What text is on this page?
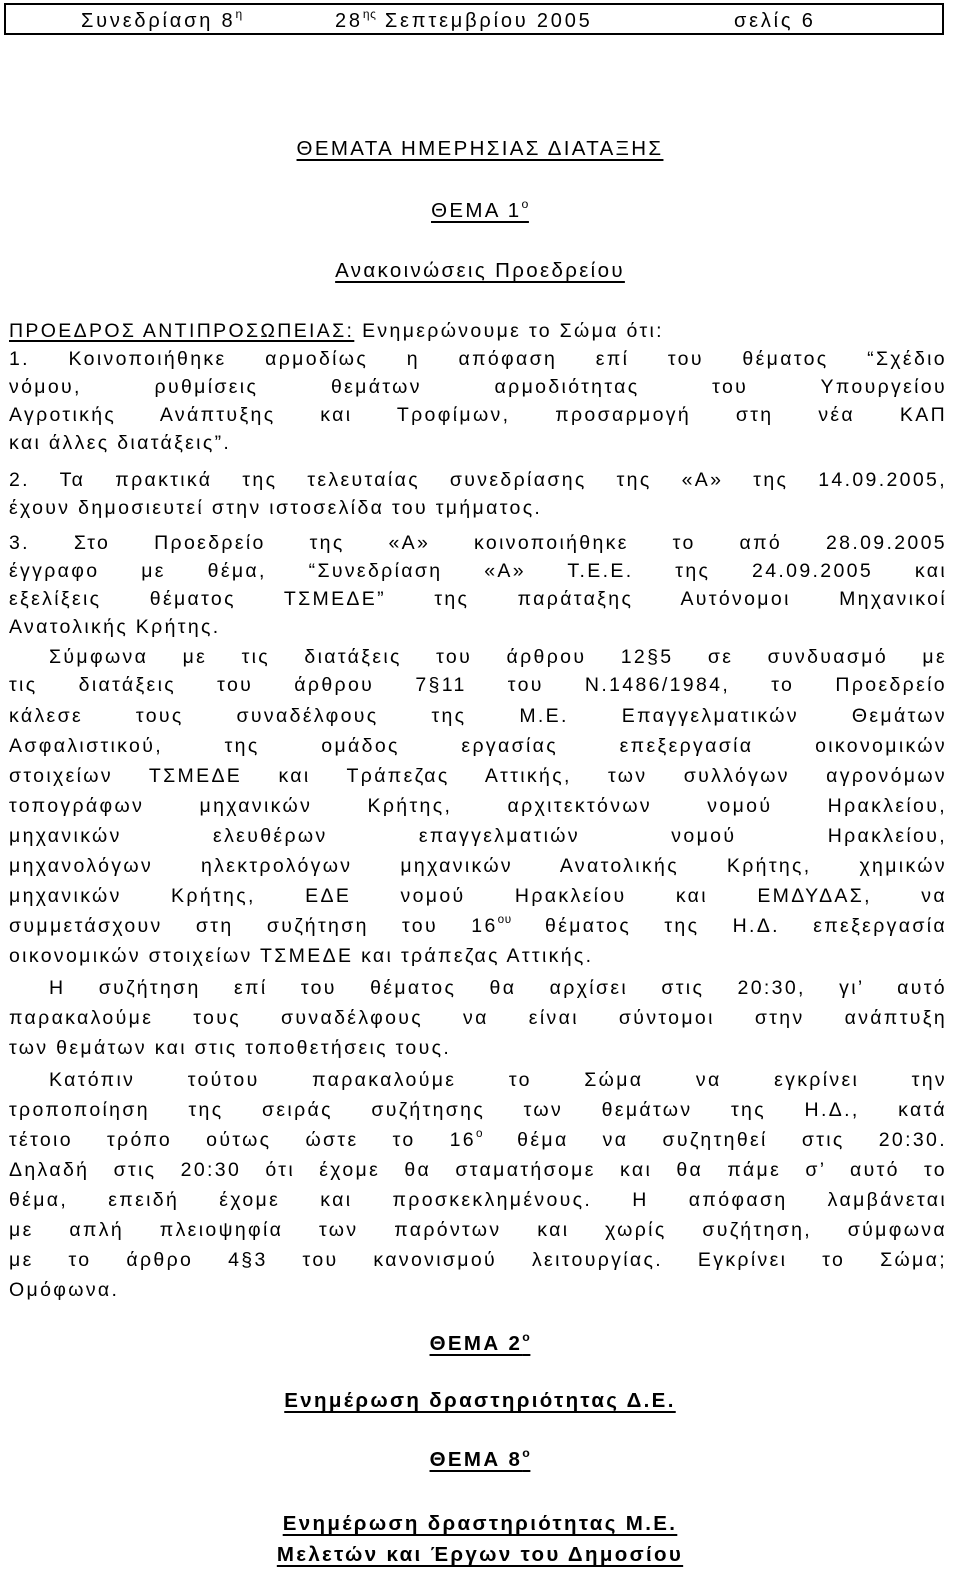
Συνεδρίαση $8^\eta$	$28^{\eta\varsigma}$ Σεπτεμβρίου 2005	σελίς 6
ΘΕΜΑΤΑ ΗΜΕΡΗΣΙΑΣ ΔΙΑΤΑΞΗΣ
ΘΕΜΑ $1^o$
Ανακοινώσεις Προεδρείου
ΠΡΟΕΔΡΟΣ ΑΝΤΙΠΡΟΣΩΠΕΙΑΣ: Ενημερώνουμε το Σώμα ότι:
1. Κοινοποιήθηκε αρμοδίως η απόφαση επί του θέματος “Σχέδιο
νόμου, ρυθμίσεις θεμάτων αρμοδιότητας του Υπουργείου
Αγροτικής Ανάπτυξης και Τροφίμων, προσαρμογή στη νέα ΚΑΠ
και άλλες διατάξεις”.
2. Τα πρακτικά της τελευταίας συνεδρίασης της «Α» της 14.09.2005,
έχουν δημοσιευτεί στην ιστοσελίδα του τμήματος.
3. Στο Προεδρείο της «Α» κοινοποιήθηκε το από 28.09.2005
έγγραφο με θέμα, “Συνεδρίαση «Α» Τ.Ε.Ε. της 24.09.2005 και
εξελίξεις θέματος ΤΣΜΕΔΕ” της παράταξης Αυτόνομοι Μηχανικοί
Ανατολικής Κρήτης.
Σύμφωνα με τις διατάξεις του άρθρου 12§5 σε συνδυασμό με
τις διατάξεις του άρθρου 7§11 του Ν.1486/1984, το Προεδρείο
κάλεσε τους συναδέλφους της Μ.Ε. Επαγγελματικών Θεμάτων
Ασφαλιστικού, της ομάδος εργασίας επεξεργασία οικονομικών
στοιχείων ΤΣΜΕΔΕ και Τράπεζας Αττικής, των συλλόγων αγρονόμων
τοπογράφων μηχανικών Κρήτης, αρχιτεκτόνων νομού Ηρακλείου,
μηχανικών ελευθέρων επαγγελματιών νομού Ηρακλείου,
μηχανολόγων ηλεκτρολόγων μηχανικών Ανατολικής Κρήτης, χημικών
μηχανικών Κρήτης, ΕΔΕ νομού Ηρακλείου και ΕΜΔΥΔΑΣ, να
συμμετάσχουν στη συζήτηση του $16^{o\upsilon}$ θέματος της Η.Δ. επεξεργασία
οικονομικών στοιχείων ΤΣΜΕΔΕ και τράπεζας Αττικής.
Η συζήτηση επί του θέματος θα αρχίσει στις 20:30, γι’ αυτό
παρακαλούμε τους συναδέλφους να είναι σύντομοι στην ανάπτυξη
των θεμάτων και στις τοποθετήσεις τους.
Κατόπιν τούτου παρακαλούμε το Σώμα να εγκρίνει την
τροποποίηση της σειράς συζήτησης των θεμάτων της Η.Δ., κατά
τέτοιο τρόπο ούτως ώστε το $16^o$ θέμα να συζητηθεί στις 20:30.
Δηλαδή στις 20:30 ότι έχομε θα σταματήσομε και θα πάμε σ’ αυτό το
θέμα, επειδή έχομε και προσκεκλημένους. Η απόφαση λαμβάνεται
με απλή πλειοψηφία των παρόντων και χωρίς συζήτηση, σύμφωνα
με το άρθρο 4§3 του κανονισμού λειτουργίας. Εγκρίνει το Σώμα;
Ομόφωνα.
ΘΕΜΑ $2^o$
Ενημέρωση δραστηριότητας Δ.Ε.
ΘΕΜΑ $8^o$
Ενημέρωση δραστηριότητας Μ.Ε.
Μελετών και Έργων του Δημοσίου
